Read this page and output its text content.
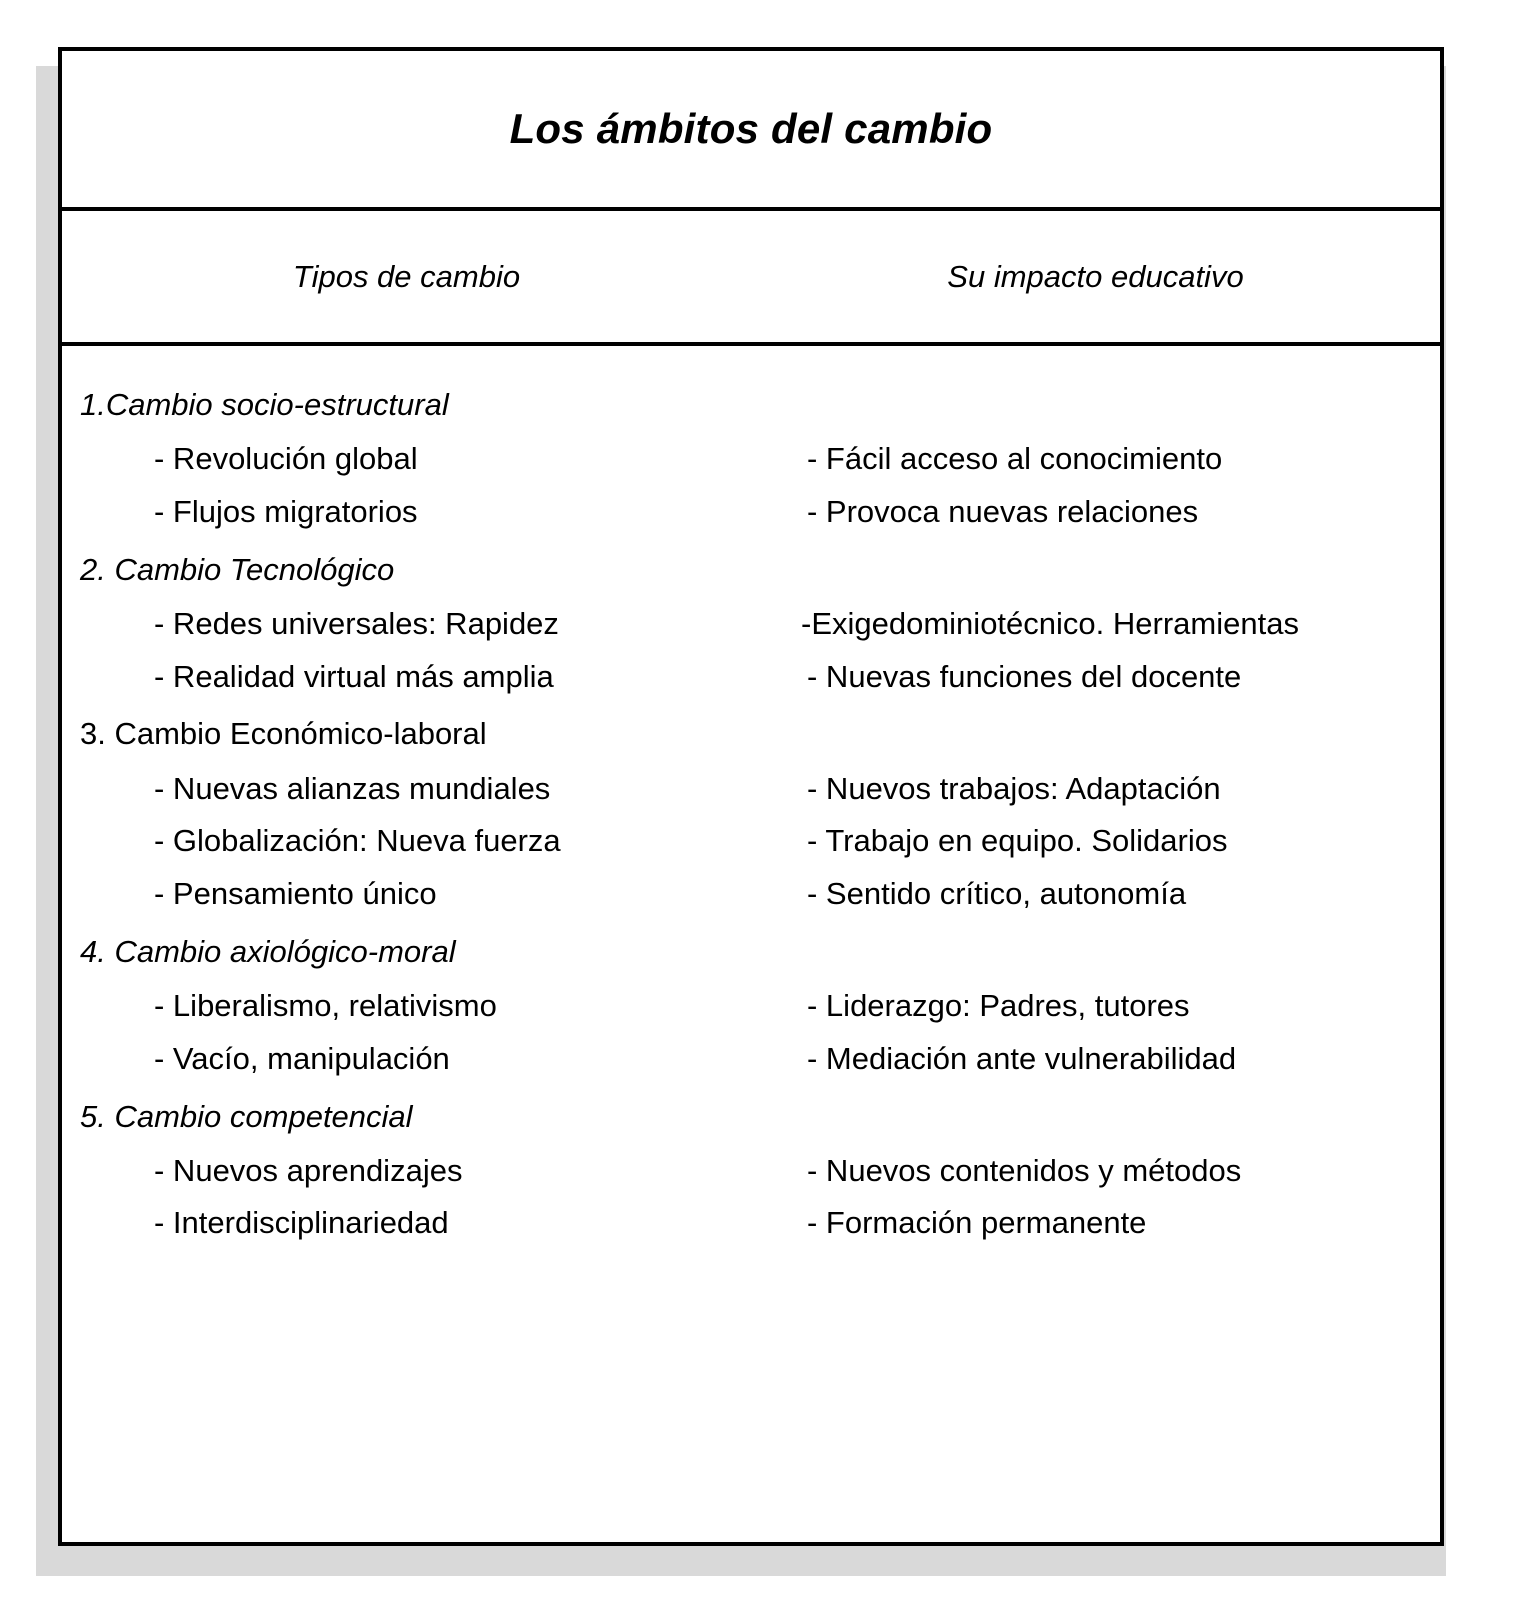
Los ámbitos del cambio
Tipos de cambio	Su impacto educativo
1.Cambio socio-estructural
- Revolución global	- Fácil acceso al conocimiento
- Flujos migratorios	- Provoca nuevas relaciones
2. Cambio Tecnológico
- Redes universales: Rapidez	-Exigedominiotécnico. Herramientas
- Realidad virtual más amplia	- Nuevas funciones del docente
3. Cambio Económico-laboral
- Nuevas alianzas mundiales	- Nuevos trabajos: Adaptación
- Globalización: Nueva fuerza	- Trabajo en equipo. Solidarios
- Pensamiento único	- Sentido crítico, autonomía
4. Cambio axiológico-moral
- Liberalismo, relativismo	- Liderazgo: Padres, tutores
- Vacío, manipulación	- Mediación ante vulnerabilidad
5. Cambio competencial
- Nuevos aprendizajes	- Nuevos contenidos y métodos
- Interdisciplinariedad	- Formación permanente
